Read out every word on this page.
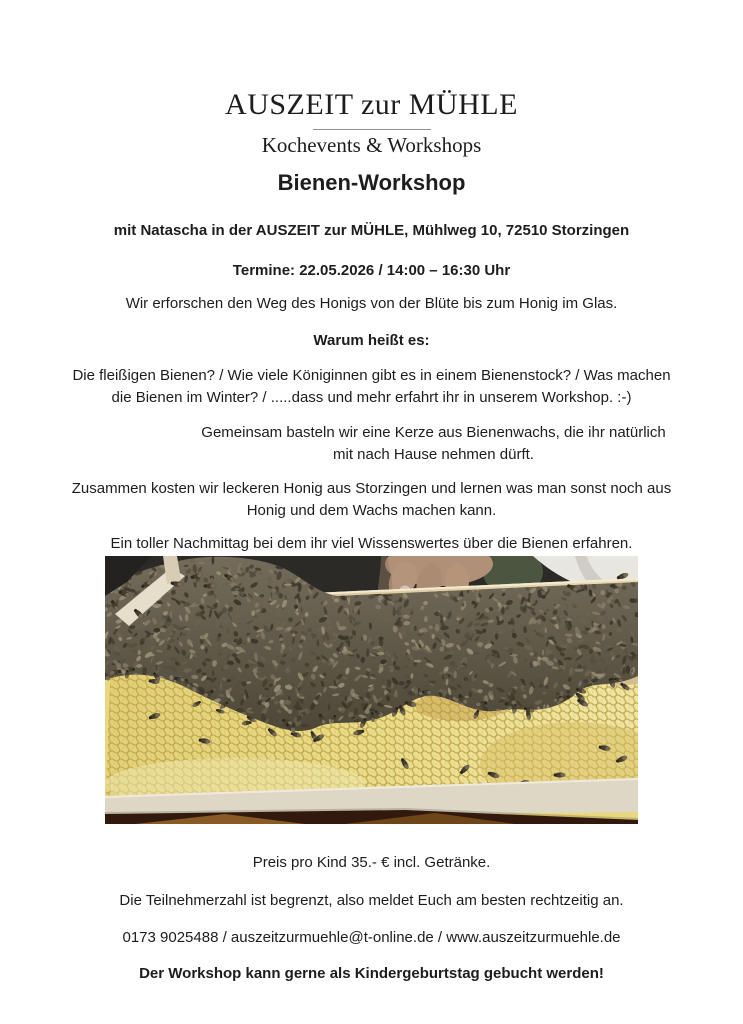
AUSZEIT zur MÜHLE
Kochevents & Workshops
Bienen-Workshop

mit Natascha in der AUSZEIT zur MÜHLE, Mühlweg 10, 72510 Storzingen

Termine: 22.05.2026 / 14:00 – 16:30 Uhr

Wir erforschen den Weg des Honigs von der Blüte bis zum Honig im Glas.

Warum heißt es:

Die fleißigen Bienen? / Wie viele Königinnen gibt es in einem Bienenstock? / Was machen die Bienen im Winter? / .....dass und mehr erfahrt ihr in unserem Workshop. :-)

Gemeinsam basteln wir eine Kerze aus Bienenwachs, die ihr natürlich mit nach Hause nehmen dürft.

Zusammen kosten wir leckeren Honig aus Storzingen und lernen was man sonst noch aus Honig und dem Wachs machen kann.

Ein toller Nachmittag bei dem ihr viel Wissenswertes über die Bienen erfahren.

Preis pro Kind 35.- € incl. Getränke.

Die Teilnehmerzahl ist begrenzt, also meldet Euch am besten rechtzeitig an.

0173 9025488 / auszeitzurmuehle@t-online.de / www.auszeitzurmuehle.de

Der Workshop kann gerne als Kindergeburtstag gebucht werden!
